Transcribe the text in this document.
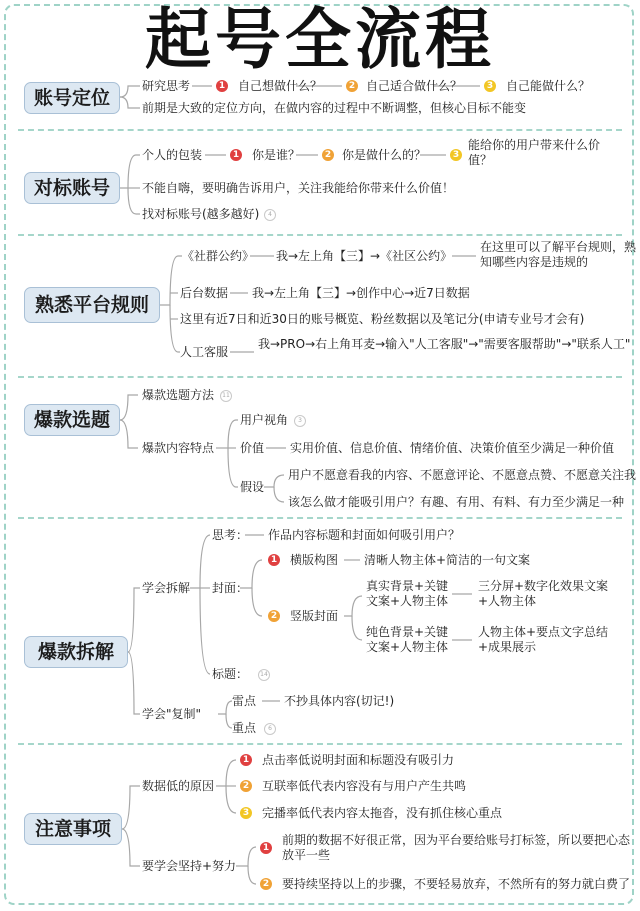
起号全流程
账号定位
研究思考	1 自己想做什么？	2 自己适合做什么？	3 自己能做什么？
前期是大致的定位方向，在做内容的过程中不断调整，但核心目标不能变
对标账号
个人的包装	1 你是谁？	2 你是做什么的？	3
能给你的用户带来什么价值？
不能自嗨，要明确告诉用户，关注我能给你带来什么价值！
找对标账号(越多越好)	4
熟悉平台规则
《社群公约》 我→左上角【三】→《社区公约》
在这里可以了解平台规则，熟知哪些内容是违规的
后台数据 我→左上角【三】→创作中心→近7日数据
这里有近7日和近30日的账号概览、粉丝数据以及笔记分(申请专业号才会有)
人工客服
我→PRO→右上角耳麦→输入"人工客服"→"需要客服帮助"→"联系人工"
爆款选题
爆款选题方法	11
爆款内容特点
用户视角	3
价值 实用价值、信息价值、情绪价值、决策价值至少满足一种价值
假设
用户不愿意看我的内容、不愿意评论、不愿意点赞、不愿意关注我
该怎么做才能吸引用户？有趣、有用、有料、有力至少满足一种
爆款拆解
学会拆解
思考： 作品内容标题和封面如何吸引用户？
封面：
1 横版构图 清晰人物主体+简洁的一句文案
2 竖版封面
真实背景+关键文案+人物主体
三分屏+数字化效果文案+人物主体
纯色背景+关键文案+人物主体
人物主体+要点文字总结+成果展示
标题：	14
学会"复制"
雷点 不抄具体内容(切记!)
重点	6
注意事项
数据低的原因
1 点击率低说明封面和标题没有吸引力
2 互联率低代表内容没有与用户产生共鸣
3 完播率低代表内容太拖沓，没有抓住核心重点
要学会坚持+努力
1
前期的数据不好很正常，因为平台要给账号打标签，所以要把心态放平一些
2 要持续坚持以上的步骤，不要轻易放弃，不然所有的努力就白费了
